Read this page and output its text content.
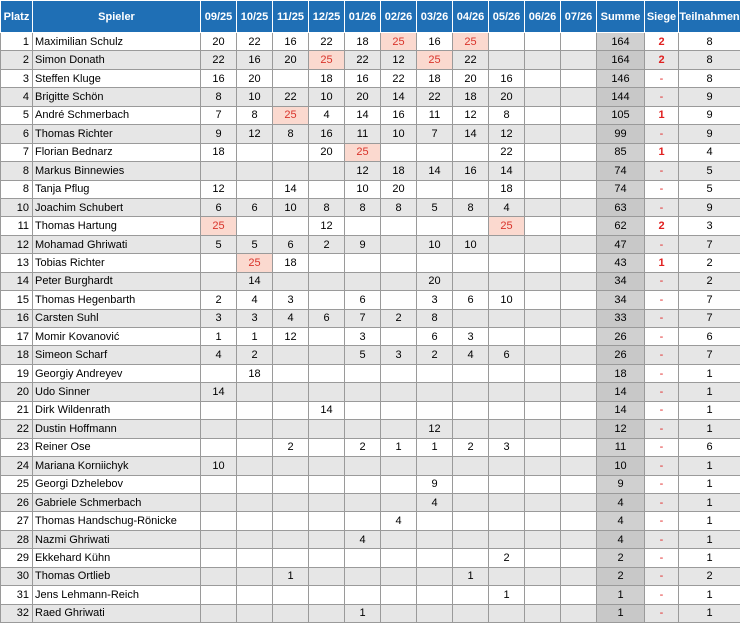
Platz	Spieler	09/25	10/25	11/25	12/25	01/26	02/26	03/26	04/26	05/26	06/26	07/26	Summe	Siege	Teilnahmen
1	Maximilian Schulz	20	22	16	22	18	25	16	25				164	2	8
2	Simon Donath	22	16	20	25	22	12	25	22				164	2	8
3	Steffen Kluge	16	20		18	16	22	18	20	16			146	-	8
4	Brigitte Schön	8	10	22	10	20	14	22	18	20			144	-	9
5	André Schmerbach	7	8	25	4	14	16	11	12	8			105	1	9
6	Thomas Richter	9	12	8	16	11	10	7	14	12			99	-	9
7	Florian Bednarz	18			20	25				22			85	1	4
8	Markus Binnewies					12	18	14	16	14			74	-	5
8	Tanja Pflug	12		14		10	20			18			74	-	5
10	Joachim Schubert	6	6	10	8	8	8	5	8	4			63	-	9
11	Thomas Hartung	25			12					25			62	2	3
12	Mohamad Ghriwati	5	5	6	2	9		10	10				47	-	7
13	Tobias Richter		25	18									43	1	2
14	Peter Burghardt		14					20					34	-	2
15	Thomas Hegenbarth	2	4	3		6		3	6	10			34	-	7
16	Carsten Suhl	3	3	4	6	7	2	8					33	-	7
17	Momir Kovanović	1	1	12		3		6	3				26	-	6
18	Simeon Scharf	4	2			5	3	2	4	6			26	-	7
19	Georgiy Andreyev		18										18	-	1
20	Udo Sinner	14											14	-	1
21	Dirk Wildenrath				14								14	-	1
22	Dustin Hoffmann							12					12	-	1
23	Reiner Ose			2		2	1	1	2	3			11	-	6
24	Mariana Korniichyk	10											10	-	1
25	Georgi Dzhelebov							9					9	-	1
26	Gabriele Schmerbach							4					4	-	1
27	Thomas Handschug-Rönicke						4						4	-	1
28	Nazmi Ghriwati					4							4	-	1
29	Ekkehard Kühn									2			2	-	1
30	Thomas Ortlieb			1					1				2	-	2
31	Jens Lehmann-Reich									1			1	-	1
32	Raed Ghriwati					1							1	-	1
